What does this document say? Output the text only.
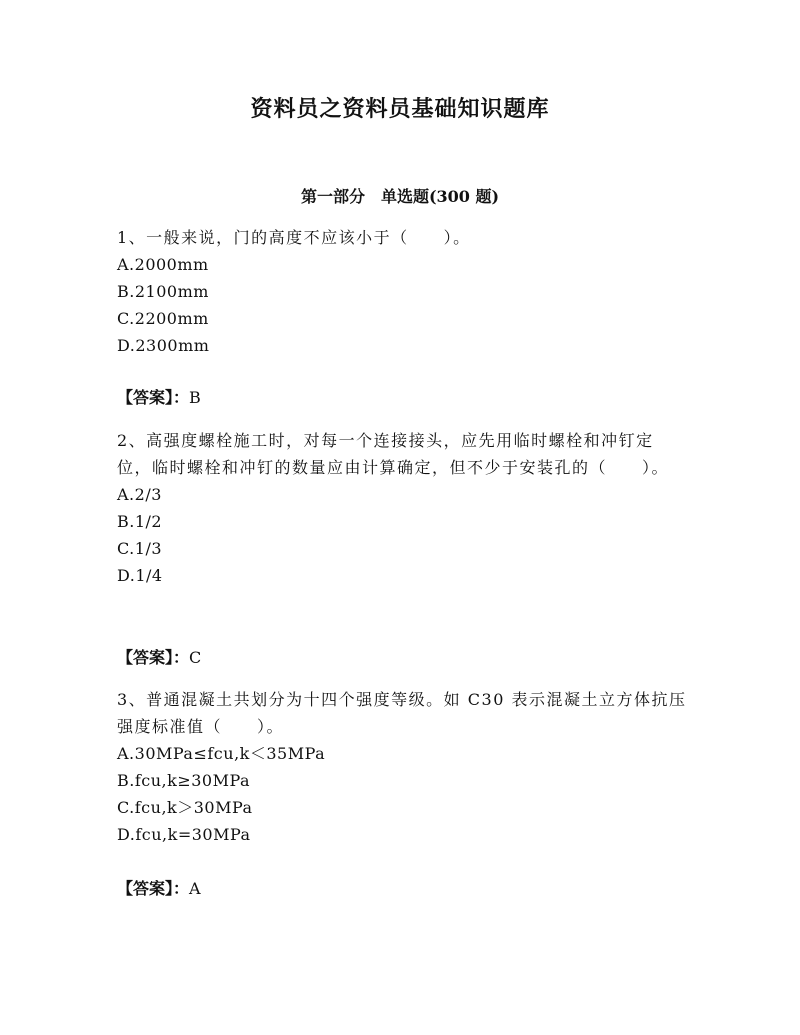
资料员之资料员基础知识题库
第一部分　单选题(300 题)

1、一般来说，门的高度不应该小于（　　）。

A.2000mm

B.2100mm

C.2200mm

D.2300mm

【答案】：B

2、高强度螺栓施工时，对每一个连接接头，应先用临时螺栓和冲钉定位，临时螺栓和冲钉的数量应由计算确定，但不少于安装孔的（　　）。

A.2/3

B.1/2

C.1/3

D.1/4

【答案】：C

3、普通混凝土共划分为十四个强度等级。如 C30 表示混凝土立方体抗压强度标准值（　　）。

A.30MPa≤fcu,k＜35MPa

B.fcu,k≥30MPa

C.fcu,k＞30MPa

D.fcu,k=30MPa

【答案】：A
